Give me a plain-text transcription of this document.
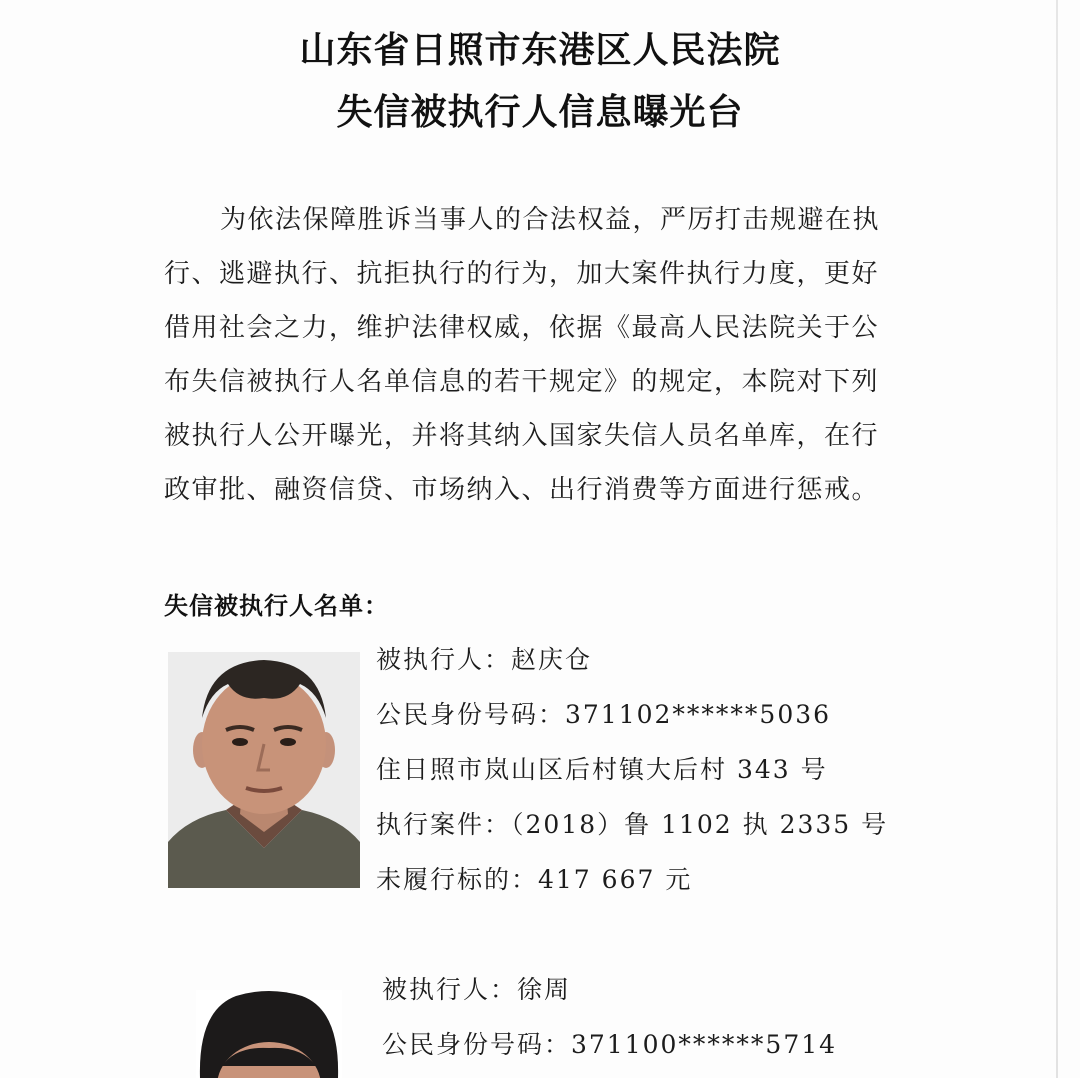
山东省日照市东港区人民法院
失信被执行人信息曝光台
为依法保障胜诉当事人的合法权益，严厉打击规避在执
行、逃避执行、抗拒执行的行为，加大案件执行力度，更好
借用社会之力，维护法律权威，依据《最高人民法院关于公
布失信被执行人名单信息的若干规定》的规定，本院对下列
被执行人公开曝光，并将其纳入国家失信人员名单库，在行
政审批、融资信贷、市场纳入、出行消费等方面进行惩戒。
失信被执行人名单：
被执行人：赵庆仓
公民身份号码：371102******5036
住日照市岚山区后村镇大后村 343 号
执行案件：（2018）鲁 1102 执 2335 号
未履行标的：417 667 元
被执行人：徐周
公民身份号码：371100******5714
